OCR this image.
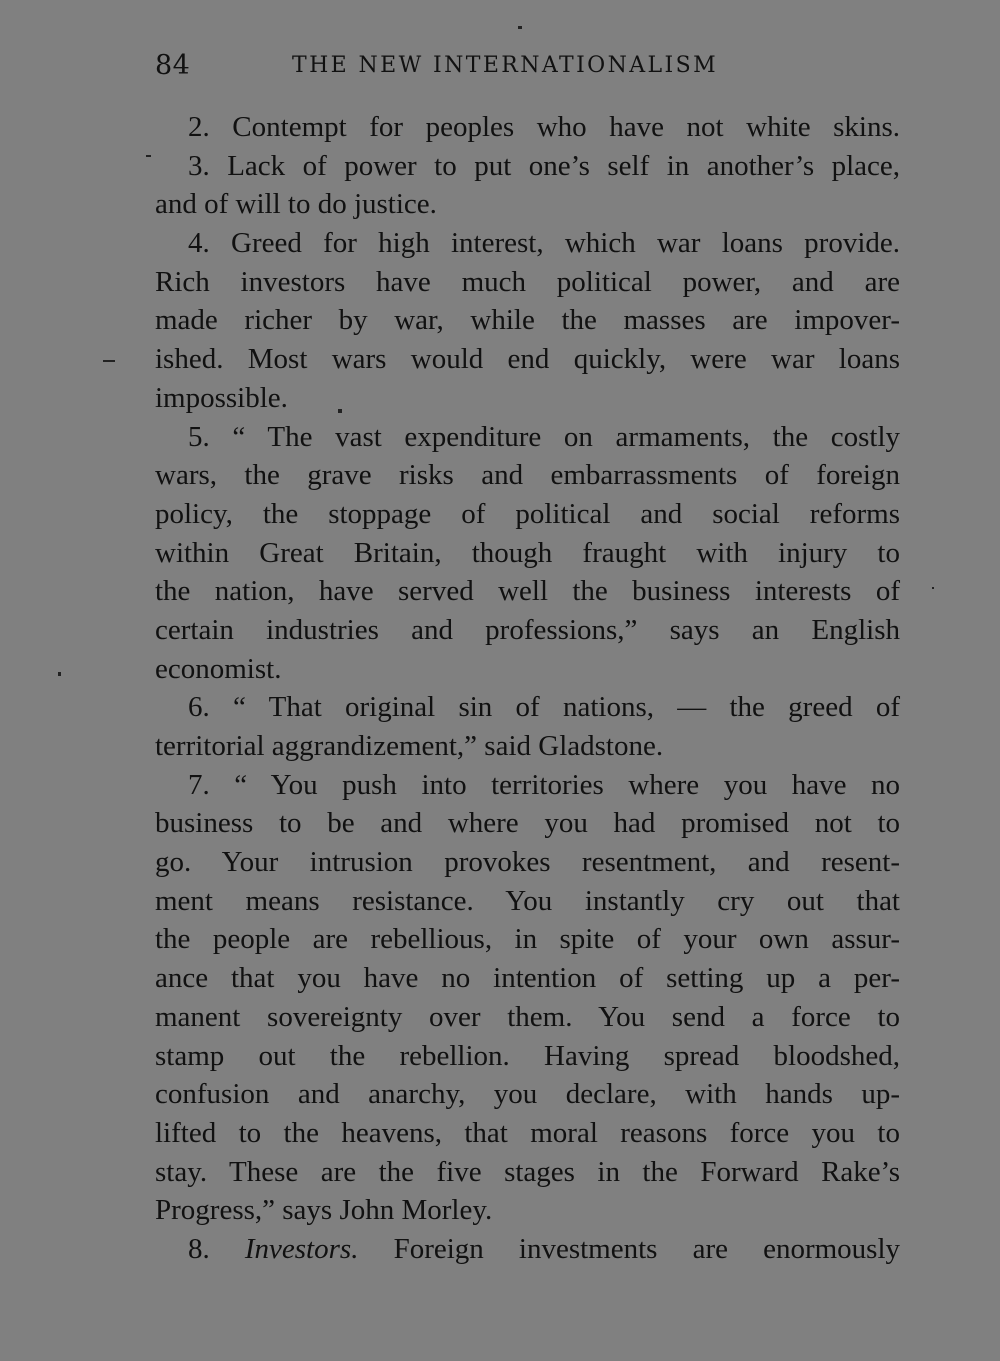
84	THE NEW INTERNATIONALISM
2. Contempt for peoples who have not white skins.
3. Lack of power to put one’s self in another’s place,
and of will to do justice.
4. Greed for high interest, which war loans provide.
Rich investors have much political power, and are
made richer by war, while the masses are impover-
ished. Most wars would end quickly, were war loans
impossible.
5. “ The vast expenditure on armaments, the costly
wars, the grave risks and embarrassments of foreign
policy, the stoppage of political and social reforms
within Great Britain, though fraught with injury to
the nation, have served well the business interests of
certain industries and professions,” says an English
economist.
6. “ That original sin of nations, — the greed of
territorial aggrandizement,” said Gladstone.
7. “ You push into territories where you have no
business to be and where you had promised not to
go. Your intrusion provokes resentment, and resent-
ment means resistance. You instantly cry out that
the people are rebellious, in spite of your own assur-
ance that you have no intention of setting up a per-
manent sovereignty over them. You send a force to
stamp out the rebellion. Having spread bloodshed,
confusion and anarchy, you declare, with hands up-
lifted to the heavens, that moral reasons force you to
stay. These are the five stages in the Forward Rake’s
Progress,” says John Morley.
8. Investors. Foreign investments are enormously
